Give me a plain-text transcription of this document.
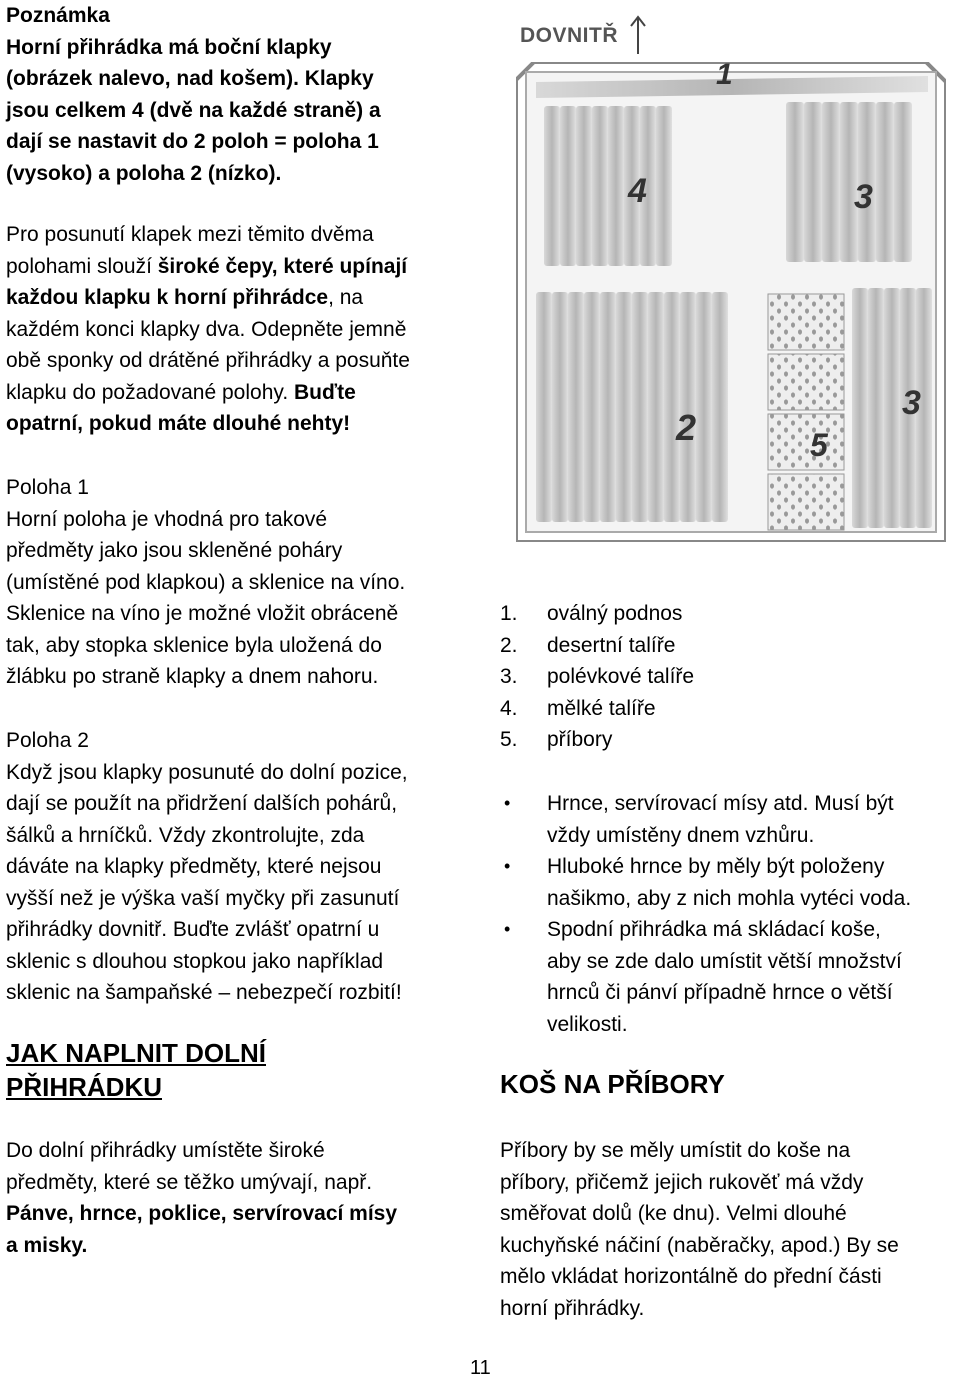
Poznámka

Horní přihrádka má boční klapky

(obrázek nalevo, nad košem). Klapky

jsou celkem 4 (dvě na každé straně) a

dají se nastavit do 2 poloh = poloha 1

(vysoko) a poloha 2 (nízko).

Pro posunutí klapek mezi těmito dvěma

polohami slouží široké čepy, které upínají

každou klapku k horní přihrádce, na

každém konci klapky dva. Odepněte jemně

obě sponky od drátěné přihrádky a posuňte

klapku do požadované polohy. Buďte

opatrní, pokud máte dlouhé nehty!

Poloha 1

Horní poloha je vhodná pro takové

předměty jako jsou skleněné poháry

(umístěné pod klapkou) a sklenice na víno.

Sklenice na víno je možné vložit obráceně

tak, aby stopka sklenice byla uložená do

žlábku po straně klapky a dnem nahoru.

Poloha 2

Když jsou klapky posunuté do dolní pozice,

dají se použít na přidržení dalších pohárů,

šálků a hrníčků. Vždy zkontrolujte, zda

dáváte na klapky předměty, které nejsou

vyšší než je výška vaší myčky při zasunutí

přihrádky dovnitř. Buďte zvlášť opatrní u

sklenic s dlouhou stopkou jako například

sklenic na šampaňské – nebezpečí rozbití!

JAK NAPLNIT DOLNÍ

PŘIHRÁDKU

Do dolní přihrádky umístěte široké

předměty, které se těžko umývají, např.

Pánve, hrnce, poklice, servírovací mísy

a misky.

DOVNITŘ
1
4	3
2
3
5
1.	oválný podnos
2.	desertní talíře
3.	polévkové talíře
4.	mělké talíře
5.	příbory
•	Hrnce, servírovací mísy atd. Musí být
vždy umístěny dnem vzhůru.
•	Hluboké hrnce by měly být položeny
našikmo, aby z nich mohla vytéci voda.
•	Spodní přihrádka má skládací koše,
aby se zde dalo umístit větší množství
hrnců či pánví případně hrnce o větší
velikosti.

KOŠ NA PŘÍBORY

Příbory by se měly umístit do koše na

příbory, přičemž jejich rukověť má vždy

směřovat dolů (ke dnu). Velmi dlouhé

kuchyňské náčiní (naběračky, apod.) By se

mělo vkládat horizontálně do přední části

horní přihrádky.

11
